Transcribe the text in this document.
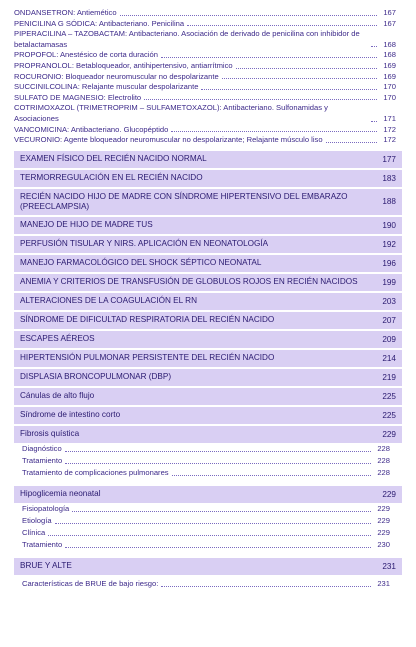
ONDANSETRON: Antiemético	167
PENICILINA G SÓDICA: Antibacteriano. Penicilina	167
PIPERACILINA – TAZOBACTAM: Antibacteriano. Asociación de derivado de penicilina con inhibidor de betalactamasas	168
PROPOFOL: Anestésico de corta duración	168
PROPRANOLOL: Betabloqueador, antihipertensivo, antiarrítmico	169
ROCURONIO: Bloqueador neuromuscular no despolarizante	169
SUCCINILCOLINA: Relajante muscular despolarizante	170
SULFATO DE MAGNESIO: Electrolito	170
COTRIMOXAZOL (TRIMETROPRIM – SULFAMETOXAZOL): Antibacteriano. Sulfonamidas y Asociaciones	171
VANCOMICINA: Antibacteriano. Glucopéptido	172
VECURONIO: Agente bloqueador neuromuscular no despolarizante; Relajante músculo liso	172
EXAMEN FÍSICO DEL RECIÉN NACIDO NORMAL	177
TERMORREGULACIÓN EN EL RECIÉN NACIDO	183
RECIÉN NACIDO HIJO DE MADRE CON SÍNDROME HIPERTENSIVO DEL EMBARAZO (PREECLAMPSIA)	188
MANEJO DE HIJO DE MADRE TUS	190
PERFUSIÓN TISULAR Y NIRS. APLICACIÓN EN NEONATOLOGÍA	192
MANEJO FARMACOLÓGICO DEL SHOCK SÉPTICO NEONATAL	196
ANEMIA Y CRITERIOS DE TRANSFUSIÓN DE GLOBULOS ROJOS EN RECIÉN NACIDOS	199
ALTERACIONES DE LA COAGULACIÓN EL RN	203
SÍNDROME DE DIFICULTAD RESPIRATORIA DEL RECIÉN NACIDO	207
ESCAPES AÉREOS	209
HIPERTENSIÓN PULMONAR PERSISTENTE DEL RECIÉN NACIDO	214
DISPLASIA BRONCOPULMONAR (DBP)	219
Cánulas de alto flujo	225
Síndrome de intestino corto	225
Fibrosis quística	229
Diagnóstico	228
Tratamiento	228
Tratamiento de complicaciones pulmonares	228
Hipoglicemia neonatal	229
Fisiopatología	229
Etiología	229
Clínica	229
Tratamiento	230
BRUE Y ALTE	231
Características de BRUE de bajo riesgo:	231
